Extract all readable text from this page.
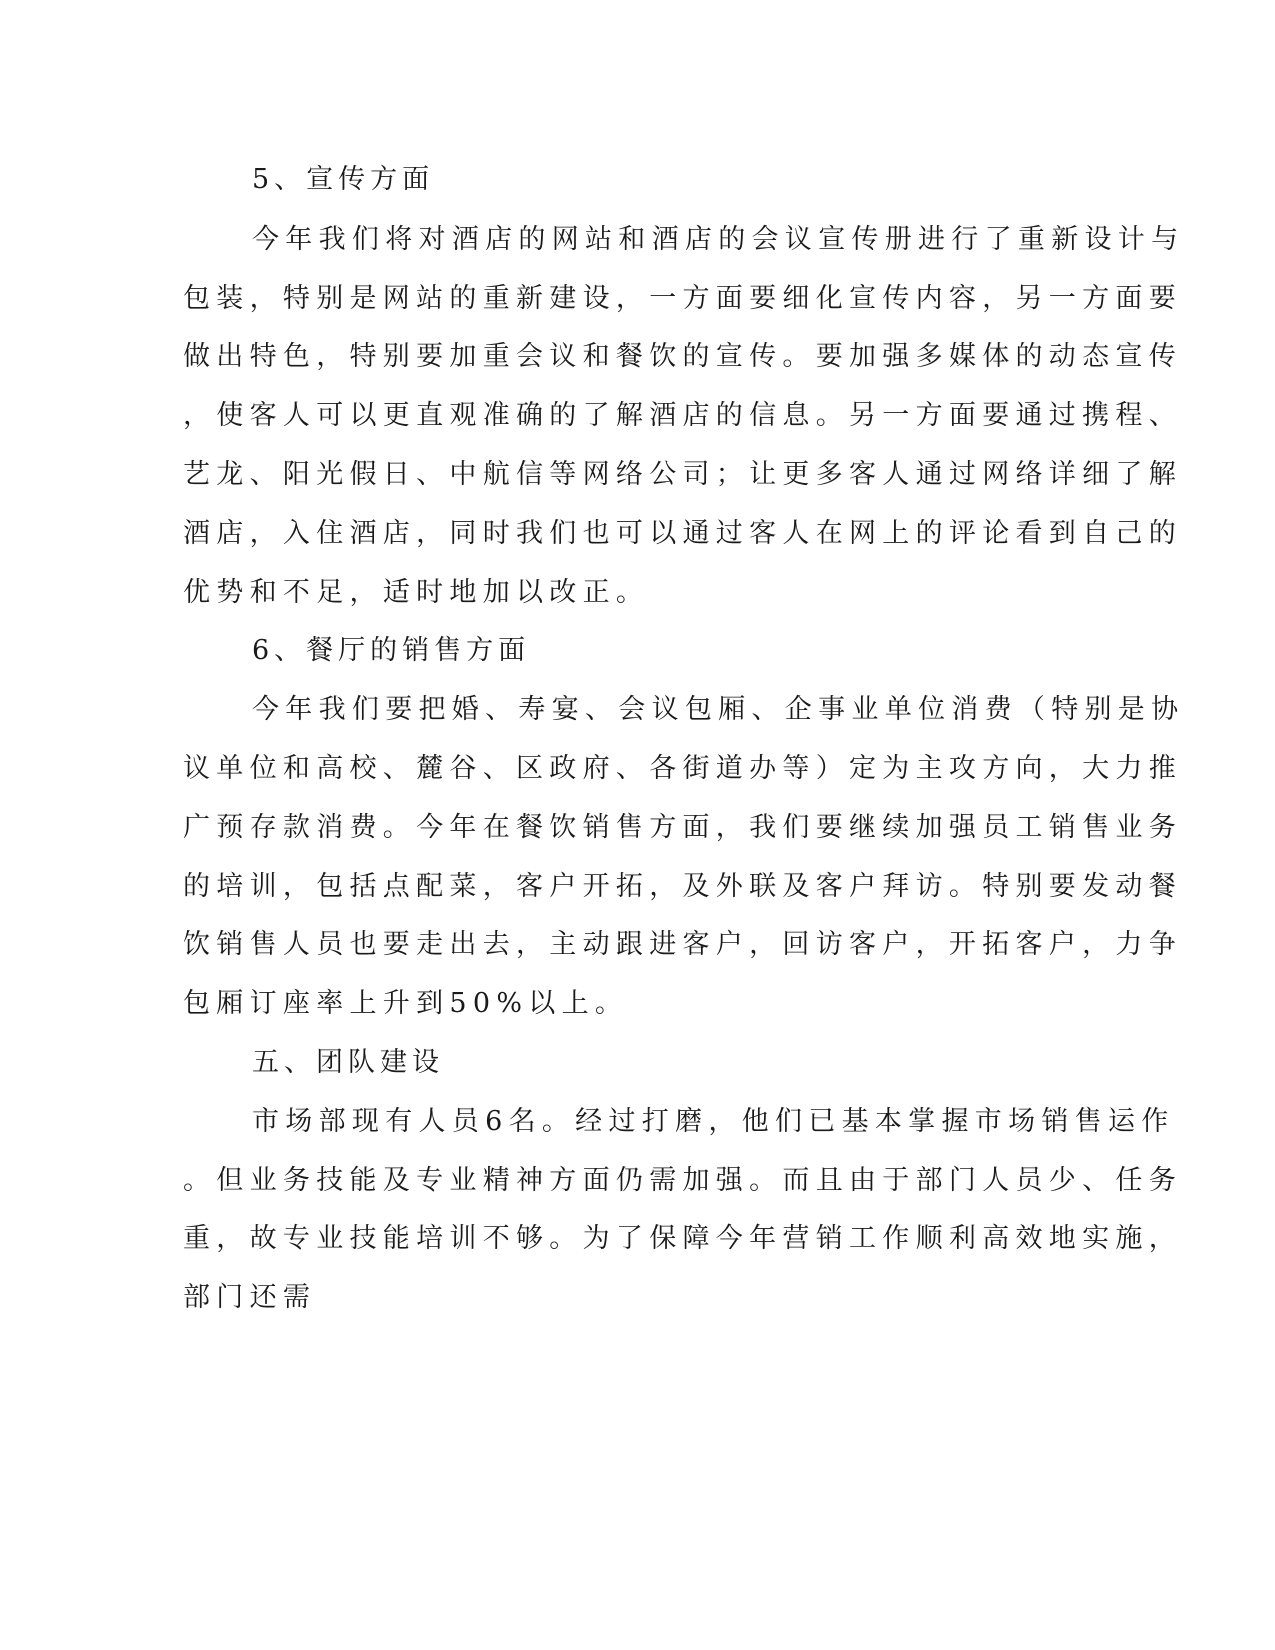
5、宣传方面

今年我们将对酒店的网站和酒店的会议宣传册进行了重新设计与

包装，特别是网站的重新建设，一方面要细化宣传内容，另一方面要

做出特色，特别要加重会议和餐饮的宣传。要加强多媒体的动态宣传

，使客人可以更直观准确的了解酒店的信息。另一方面要通过携程、

艺龙、阳光假日、中航信等网络公司；让更多客人通过网络详细了解

酒店，入住酒店，同时我们也可以通过客人在网上的评论看到自己的

优势和不足，适时地加以改正。

6、餐厅的销售方面

今年我们要把婚、寿宴、会议包厢、企事业单位消费（特别是协

议单位和高校、麓谷、区政府、各街道办等）定为主攻方向，大力推

广预存款消费。今年在餐饮销售方面，我们要继续加强员工销售业务

的培训，包括点配菜，客户开拓，及外联及客户拜访。特别要发动餐

饮销售人员也要走出去，主动跟进客户，回访客户，开拓客户，力争

包厢订座率上升到50%以上。

五、团队建设

市场部现有人员6名。经过打磨，他们已基本掌握市场销售运作

。但业务技能及专业精神方面仍需加强。而且由于部门人员少、任务

重，故专业技能培训不够。为了保障今年营销工作顺利高效地实施，

部门还需
